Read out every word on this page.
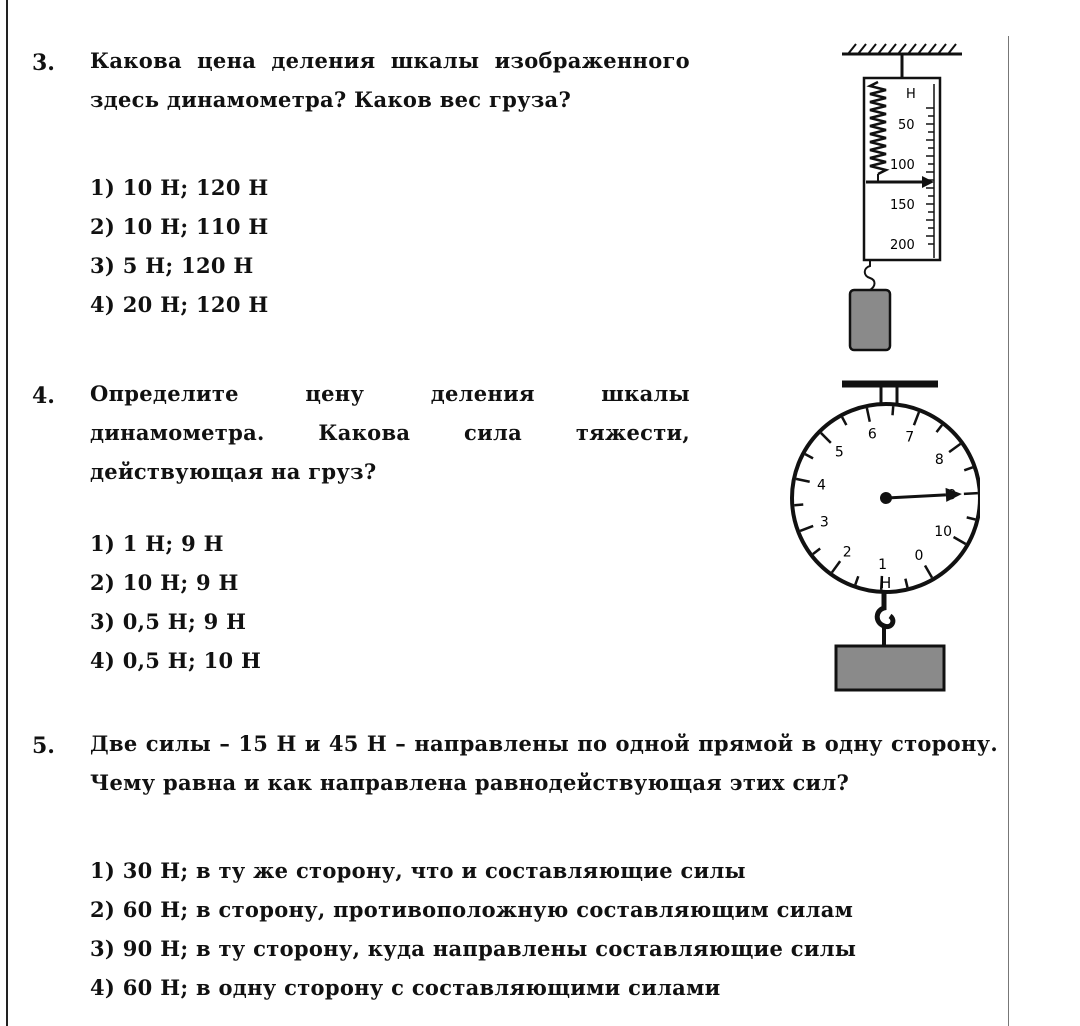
3. Какова цена деления шкалы изображенного здесь динамометра? Каков вес груза?
1) 10 Н; 120 Н
2) 10 Н; 110 Н
3) 5 Н; 120 Н
4) 20 Н; 120 Н
Н
50
100
150
200
4. Определите цену деления шкалы динамометра. Какова сила тяжести, действующая на груз?
1) 1 Н; 9 Н
2) 10 Н; 9 Н
3) 0,5 Н; 9 Н
4) 0,5 Н; 10 Н
0
1
2
3
4
5
6 7
8
10
Н
5. Две силы – 15 Н и 45 Н – направлены по одной прямой в одну сторону. Чему равна и как направлена равнодействующая этих сил?
1) 30 Н; в ту же сторону, что и составляющие силы
2) 60 Н; в сторону, противоположную составляющим силам
3) 90 Н; в ту сторону, куда направлены составляющие силы
4) 60 Н; в одну сторону с составляющими силами
